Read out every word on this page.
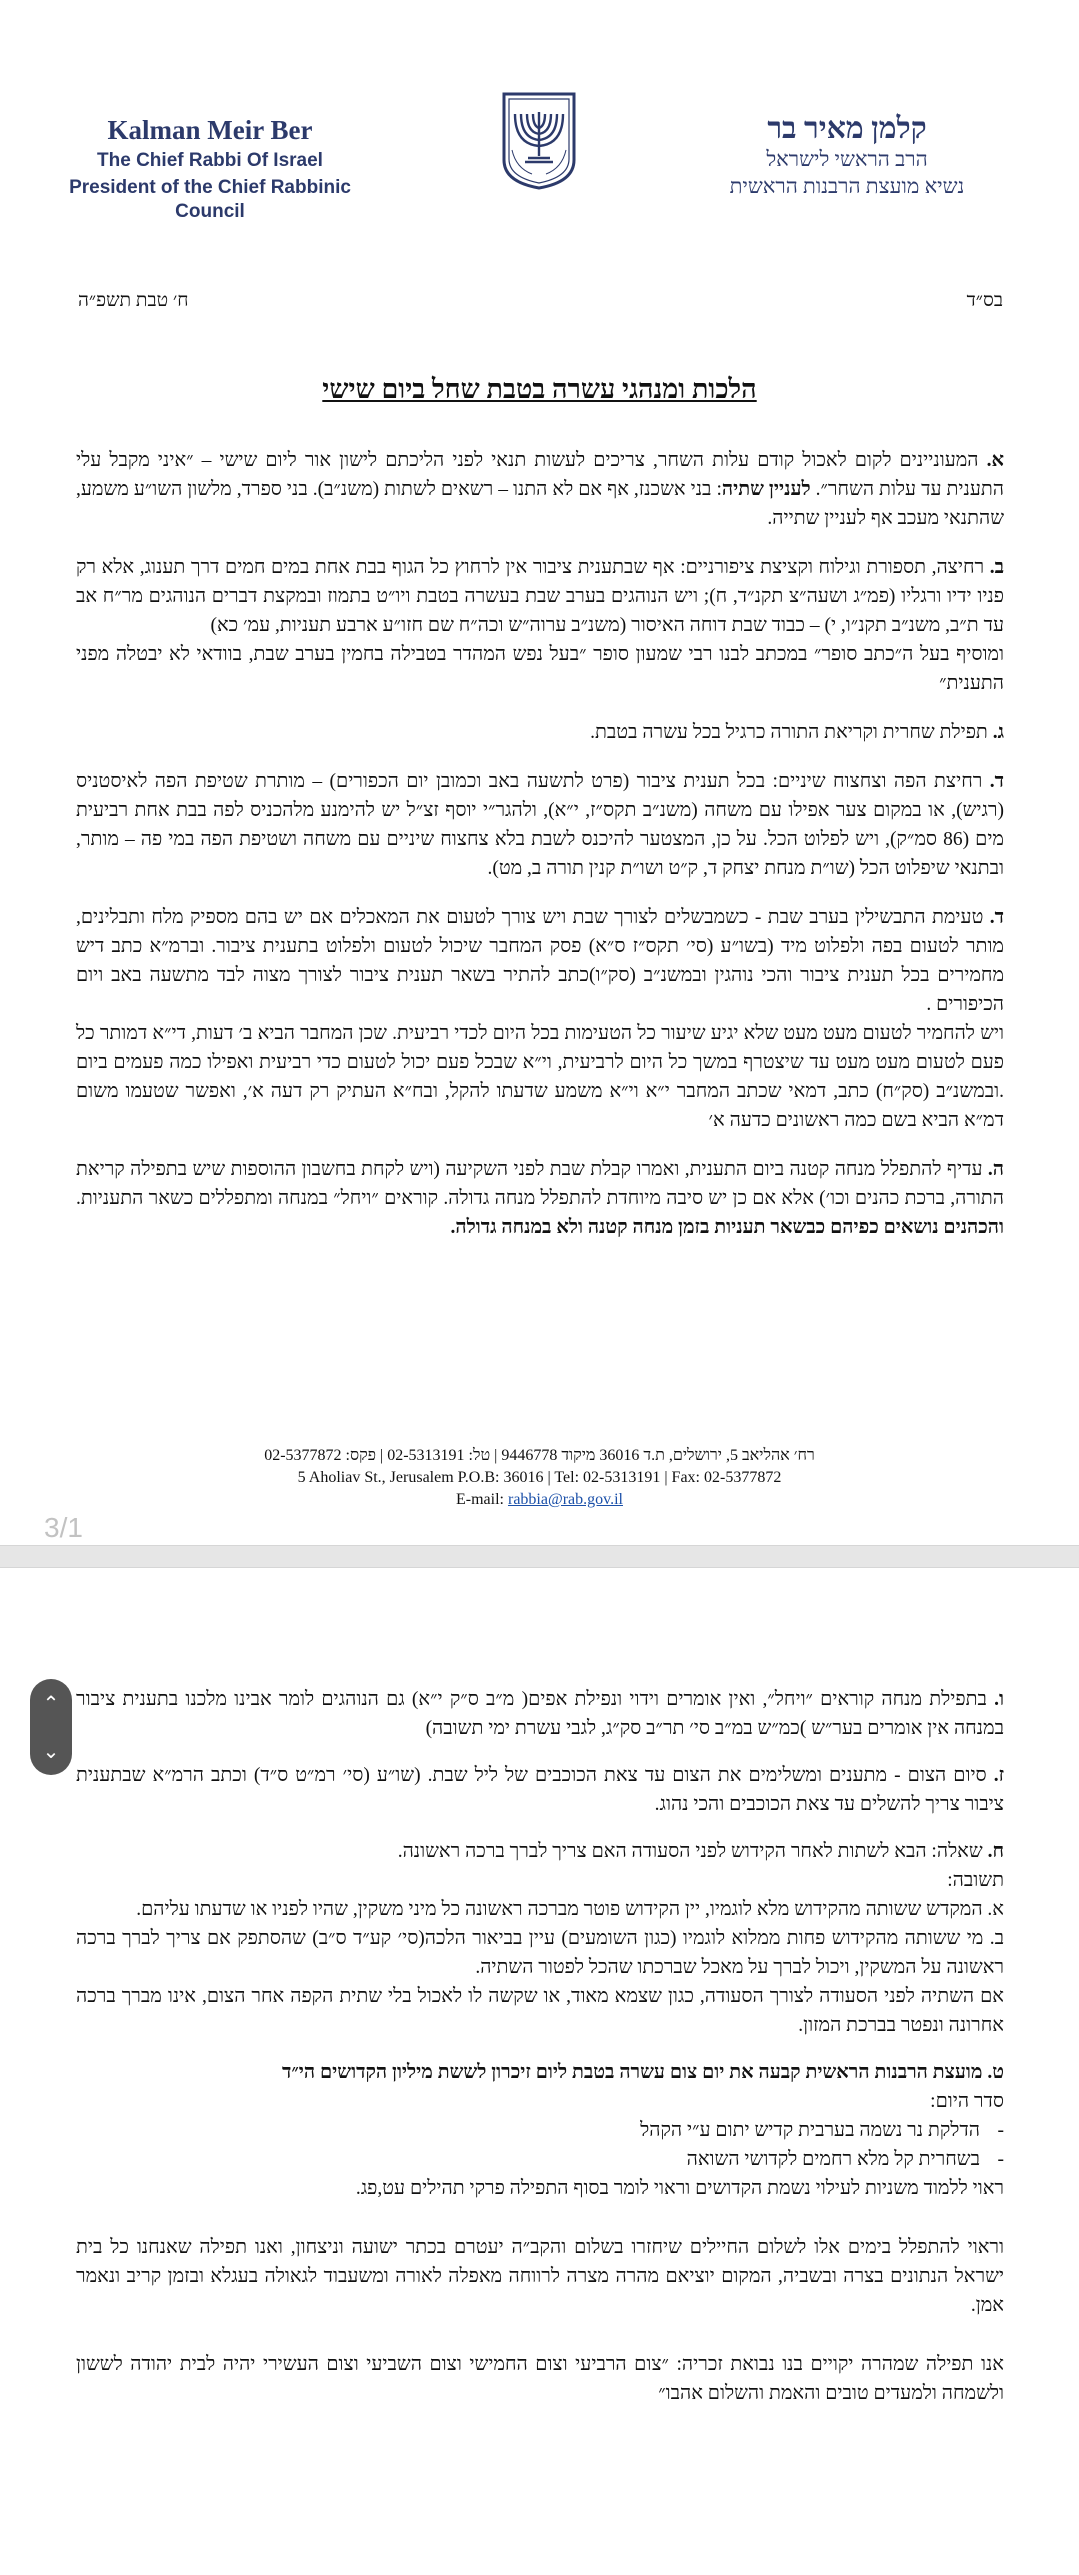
Kalman Meir Ber
The Chief Rabbi Of Israel
President of the Chief Rabbinic Council
קלמן מאיר בר
הרב הראשי לישראל
נשיא מועצת הרבנות הראשית
ח׳ טבת תשפ״ה	בס״ד
הלכות ומנהגי עשרה בטבת שחל ביום שישי

א. המעוניינים לקום לאכול קודם עלות השחר, צריכים לעשות תנאי לפני הליכתם לישון אור ליום שישי – ״איני מקבל עלי התענית עד עלות השחר״. לעניין שתיה: בני אשכנז, אף אם לא התנו – רשאים לשתות (משנ״ב). בני ספרד, מלשון השו״ע משמע, שהתנאי מעכב אף לעניין שתייה.

ב. רחיצה, תספורת וגילוח וקציצת ציפורניים: אף שבתענית ציבור אין לרחוץ כל הגוף בבת אחת במים חמים דרך תענוג, אלא רק פניו ידיו ורגליו (פמ״ג ושעה״צ תקנ״ד, ח); ויש הנוהגים בערב שבת בעשרה בטבת ויו״ט בתמוז ובמקצת דברים הנוהגים מר״ח אב עד ת״ב, משנ״ב תקנ״ו, י) – כבוד שבת דוחה האיסור (משנ״ב ערוה״ש וכה״ח שם חזו״ע ארבע תעניות, עמ׳ כא)

ומוסיף בעל ה״כתב סופר״ במכתב לבנו רבי שמעון סופר ״בעל נפש המהדר בטבילה בחמין בערב שבת, בוודאי לא יבטלה מפני התענית״

ג. תפילת שחרית וקריאת התורה כרגיל בכל עשרה בטבת.

ד. רחיצת הפה וצחצוח שיניים: בכל תענית ציבור (פרט לתשעה באב וכמובן יום הכפורים) – מותרת שטיפת הפה לאיסטניס (רגיש), או במקום צער אפילו עם משחה (משנ״ב תקס״ז, י״א), ולהגר״י יוסף זצ״ל יש להימנע מלהכניס לפה בבת אחת רביעית מים (86 סמ״ק), ויש לפלוט הכל. על כן, המצטער להיכנס לשבת בלא צחצוח שיניים עם משחה ושטיפת הפה במי פה – מותר, ובתנאי שיפלוט הכל (שו״ת מנחת יצחק ד, ק״ט ושו״ת קנין תורה ב, מט).

ד. טעימת התבשילין בערב שבת - כשמבשלים לצורך שבת ויש צורך לטעום את המאכלים אם יש בהם מספיק מלח ותבלינים, מותר לטעום בפה ולפלוט מיד (בשו״ע (סי׳ תקס״ז ס״א) פסק המחבר שיכול לטעום ולפלוט בתענית ציבור. וברמ״א כתב דיש מחמירים בכל תענית ציבור והכי נוהגין ובמשנ״ב (סק״ו)כתב להתיר בשאר תענית ציבור לצורך מצוה לבד מתשעה באב ויום הכיפורים .

ויש להחמיר לטעום מעט מעט שלא יגיע שיעור כל הטעימות בכל היום לכדי רביעית. שכן המחבר הביא ב׳ דעות, די״א דמותר כל פעם לטעום מעט מעט עד שיצטרף במשך כל היום לרביעית, וי״א שבכל פעם יכול לטעום כדי רביעית ואפילו כמה פעמים ביום .ובמשנ״ב (סק״ח) כתב, דמאי שכתב המחבר י״א וי״א משמע שדעתו להקל, ובח״א העתיק רק דעה א׳, ואפשר שטעמו משום דמ״א הביא בשם כמה ראשונים כדעה א׳

ה. עדיף להתפלל מנחה קטנה ביום התענית, ואמרו קבלת שבת לפני השקיעה (ויש לקחת בחשבון ההוספות שיש בתפילה קריאת התורה, ברכת כהנים וכו׳) אלא אם כן יש סיבה מיוחדת להתפלל מנחה גדולה. קוראים ״ויחל״ במנחה ומתפללים כשאר התעניות. והכהנים נושאים כפיהם כבשאר תעניות בזמן מנחה קטנה ולא במנחה גדולה.

רח׳ אהליאב 5, ירושלים, ת.ד 36016 מיקוד 9446778 | טל: 02-5313191 | פקס: 02-5377872
5 Aholiav St., Jerusalem P.O.B: 36016 | Tel: 02-5313191 | Fax: 02-5377872
E-mail: rabbia@rab.gov.il
3/1
⌃
⌄

ו. בתפילת מנחה קוראים ״ויחל״, ואין אומרים וידוי ונפילת אפים( מ״ב ס״ק י״א) גם הנוהגים לומר אבינו מלכנו בתענית ציבור במנחה אין אומרים בער״ש )כמ״ש במ״ב סי׳ תר״ב סק״ג, לגבי עשרת ימי תשובה)

ז. סיום הצום - מתענים ומשלימים את הצום עד צאת הכוכבים של ליל שבת. (שו״ע (סי׳ רמ״ט ס״ד) וכתב הרמ״א שבתענית ציבור צריך להשלים עד צאת הכוכבים והכי נהוג.

ח. שאלה: הבא לשתות לאחר הקידוש לפני הסעודה האם צריך לברך ברכה ראשונה.

תשובה:

א. המקדש ששותה מהקידוש מלא לוגמיו, יין הקידוש פוטר מברכה ראשונה כל מיני משקין, שהיו לפניו או שדעתו עליהם.

ב. מי ששותה מהקידוש פחות ממלוא לוגמיו (כגון השומעים) עיין בביאור הלכה(סי׳ קע״ד ס״ב) שהסתפק אם צריך לברך ברכה ראשונה על המשקין, ויכול לברך על מאכל שברכתו שהכל לפטור השתיה.

אם השתיה לפני הסעודה לצורך הסעודה, כגון שצמא מאוד, או שקשה לו לאכול בלי שתית הקפה אחר הצום, אינו מברך ברכה אחרונה ונפטר בברכת המזון.

ט. מועצת הרבנות הראשית קבעה את יום צום עשרה בטבת ליום זיכרון לששת מיליון הקדושים הי״ד

סדר היום:

-הדלקת נר נשמה בערבית קדיש יתום ע״י הקהל
-בשחרית קל מלא רחמים לקדושי השואה

ראוי ללמוד משניות לעילוי נשמת הקדושים וראוי לומר בסוף התפילה פרקי תהילים עט,פג.

וראוי להתפלל בימים אלו לשלום החיילים שיחזרו בשלום והקב״ה יעטרם בכתר ישועה וניצחון, ואנו תפילה שאנחנו כל בית ישראל הנתונים בצרה ובשביה, המקום יוציאם מהרה מצרה לרווחה מאפלה לאורה ומשעבוד לגאולה בעגלא ובזמן קריב ונאמר אמן.

אנו תפילה שמהרה יקויים בנו נבואת זכריה: ״צום הרביעי וצום החמישי וצום השביעי וצום העשירי יהיה לבית יהודה לששון ולשמחה ולמעדים טובים והאמת והשלום אהבו״
